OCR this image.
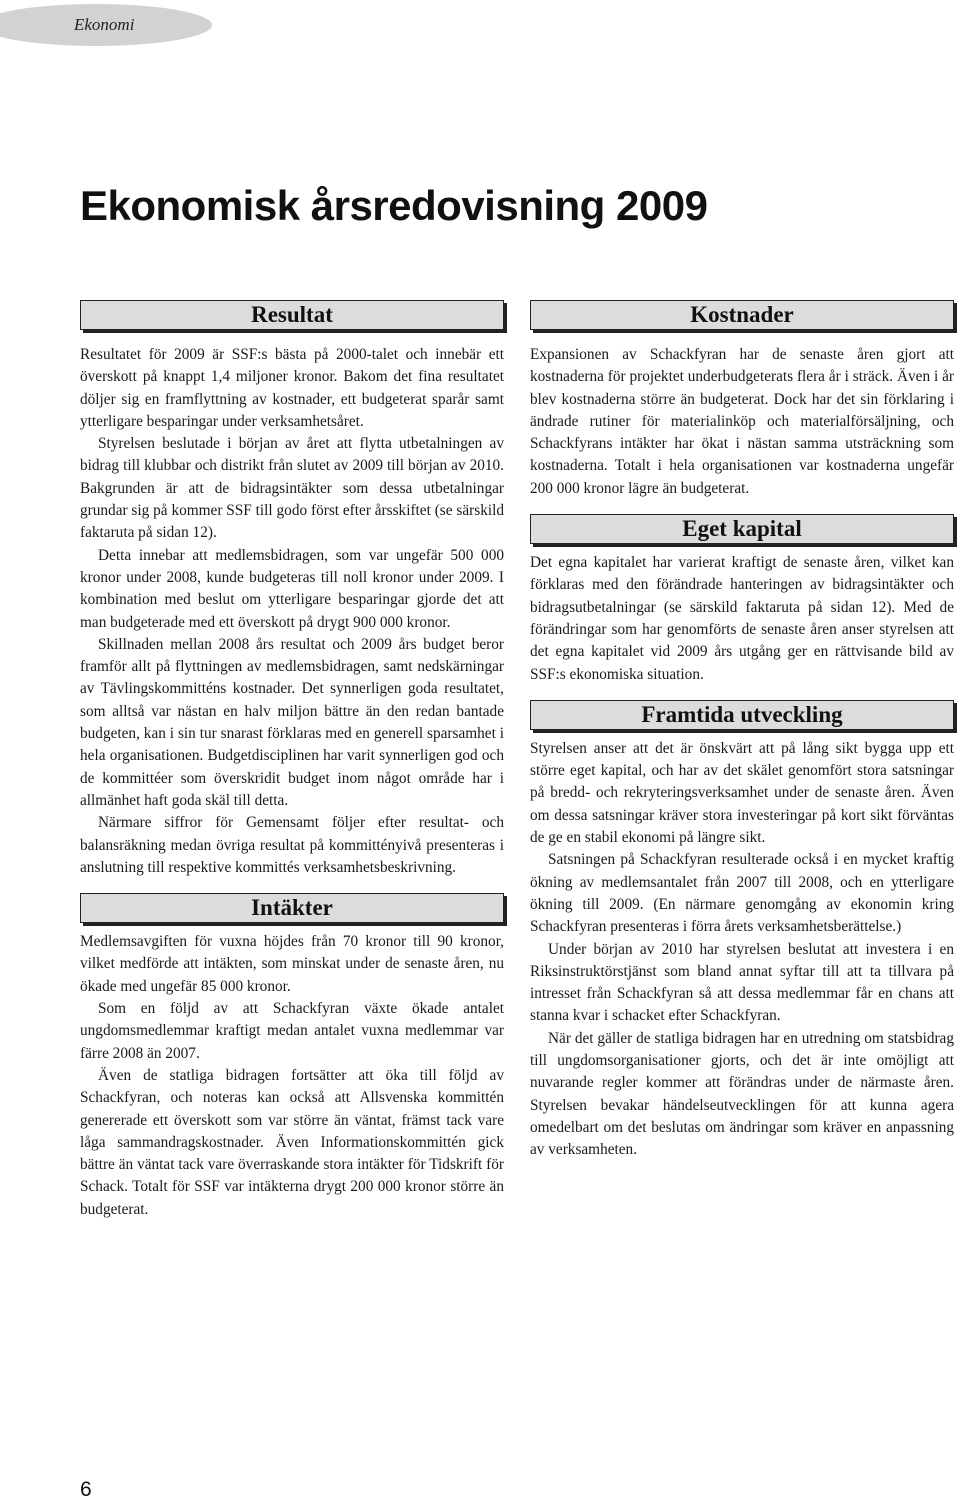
Ekonomi
Ekonomisk årsredovisning 2009
Resultat

Resultatet för 2009 är SSF:s bästa på 2000-talet och innebär ett överskott på knappt 1,4 miljoner kronor. Bakom det fina resultatet döljer sig en framflyttning av kostnader, ett budgeterat sparår samt ytterligare besparingar under verksamhetsåret.

Styrelsen beslutade i början av året att flytta utbetalningen av bidrag till klubbar och distrikt från slutet av 2009 till början av 2010. Bakgrunden är att de bidragsintäkter som dessa utbetalningar grundar sig på kommer SSF till godo först efter årsskiftet (se särskild faktaruta på sidan 12).

Detta innebar att medlemsbidragen, som var ungefär 500 000 kronor under 2008, kunde budgeteras till noll kronor under 2009. I kombination med beslut om ytterligare besparingar gjorde det att man budgeterade med ett överskott på drygt 900 000 kronor.

Skillnaden mellan 2008 års resultat och 2009 års budget beror framför allt på flyttningen av medlemsbidragen, samt nedskärningar av Tävlingskommitténs kostnader. Det synnerligen goda resultatet, som alltså var nästan en halv miljon bättre än den redan bantade budgeten, kan i sin tur snarast förklaras med en generell sparsamhet i hela organisationen. Budgetdisciplinen har varit synnerligen god och de kommittéer som överskridit budget inom något område har i allmänhet haft goda skäl till detta.

Närmare siffror för Gemensamt följer efter resultat- och balansräkning medan övriga resultat på kommittényivå presenteras i anslutning till respektive kommittés verksamhetsbeskrivning.

Intäkter

Medlemsavgiften för vuxna höjdes från 70 kronor till 90 kronor, vilket medförde att intäkten, som minskat under de senaste åren, nu ökade med ungefär 85 000 kronor.

Som en följd av att Schackfyran växte ökade antalet ungdomsmedlemmar kraftigt medan antalet vuxna medlemmar var färre 2008 än 2007.

Även de statliga bidragen fortsätter att öka till följd av Schackfyran, och noteras kan också att Allsvenska kommittén genererade ett överskott som var större än väntat, främst tack vare låga sammandragskostnader. Även Informationskommittén gick bättre än väntat tack vare överraskande stora intäkter för Tidskrift för Schack. Totalt för SSF var intäkterna drygt 200 000 kronor större än budgeterat.

Kostnader

Expansionen av Schackfyran har de senaste åren gjort att kostnaderna för projektet underbudgeterats flera år i sträck. Även i år blev kostnaderna större än budgeterat. Dock har det sin förklaring i ändrade rutiner för materialinköp och materialförsäljning, och Schackfyrans intäkter har ökat i nästan samma utsträckning som kostnaderna. Totalt i hela organisationen var kostnaderna ungefär 200 000 kronor lägre än budgeterat.

Eget kapital

Det egna kapitalet har varierat kraftigt de senaste åren, vilket kan förklaras med den förändrade hanteringen av bidragsintäkter och bidragsutbetalningar (se särskild faktaruta på sidan 12). Med de förändringar som har genomförts de senaste åren anser styrelsen att det egna kapitalet vid 2009 års utgång ger en rättvisande bild av SSF:s ekonomiska situation.

Framtida utveckling

Styrelsen anser att det är önskvärt att på lång sikt bygga upp ett större eget kapital, och har av det skälet genomfört stora satsningar på bredd- och rekryteringsverksamhet under de senaste åren. Även om dessa satsningar kräver stora investeringar på kort sikt förväntas de ge en stabil ekonomi på längre sikt.

Satsningen på Schackfyran resulterade också i en mycket kraftig ökning av medlemsantalet från 2007 till 2008, och en ytterligare ökning till 2009. (En närmare genomgång av ekonomin kring Schackfyran presenteras i förra årets verksamhetsberättelse.)

Under början av 2010 har styrelsen beslutat att investera i en Riksinstruktörstjänst som bland annat syftar till att ta tillvara på intresset från Schackfyran så att dessa medlemmar får en chans att stanna kvar i schacket efter Schackfyran.

När det gäller de statliga bidragen har en utredning om statsbidrag till ungdomsorganisationer gjorts, och det är inte omöjligt att nuvarande regler kommer att förändras under de närmaste åren. Styrelsen bevakar händelseutvecklingen för att kunna agera omedelbart om det beslutas om ändringar som kräver en anpassning av verksamheten.

6
